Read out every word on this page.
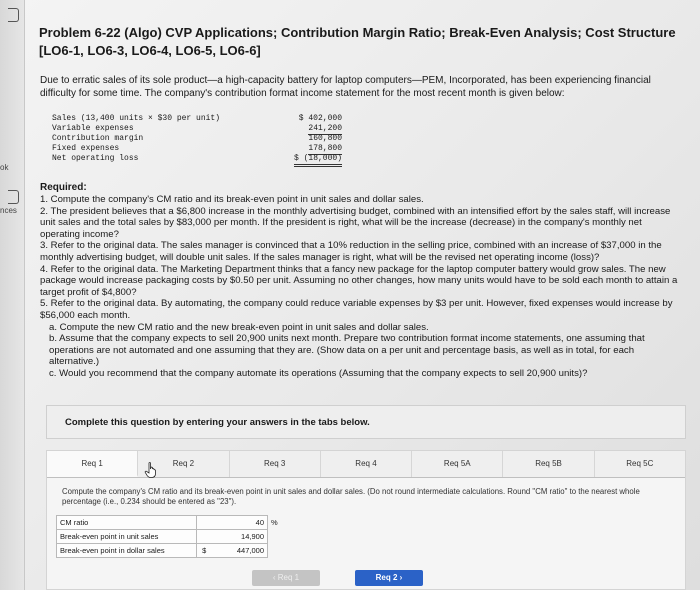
ok
nces
Problem 6-22 (Algo) CVP Applications; Contribution Margin Ratio; Break-Even Analysis; Cost Structure [LO6-1, LO6-3, LO6-4, LO6-5, LO6-6]
Due to erratic sales of its sole product—a high-capacity battery for laptop computers—PEM, Incorporated, has been experiencing financial difficulty for some time. The company's contribution format income statement for the most recent month is given below:
Sales (13,400 units × $30 per unit)	$ 402,000
Variable expenses	241,200
Contribution margin	160,800
Fixed expenses	178,800
Net operating loss	$ (18,000)
Required:

1. Compute the company's CM ratio and its break-even point in unit sales and dollar sales.

2. The president believes that a $6,800 increase in the monthly advertising budget, combined with an intensified effort by the sales staff, will increase unit sales and the total sales by $83,000 per month. If the president is right, what will be the increase (decrease) in the company's monthly net operating income?

3. Refer to the original data. The sales manager is convinced that a 10% reduction in the selling price, combined with an increase of $37,000 in the monthly advertising budget, will double unit sales. If the sales manager is right, what will be the revised net operating income (loss)?

4. Refer to the original data. The Marketing Department thinks that a fancy new package for the laptop computer battery would grow sales. The new package would increase packaging costs by $0.50 per unit. Assuming no other changes, how many units would have to be sold each month to attain a target profit of $4,800?

5. Refer to the original data. By automating, the company could reduce variable expenses by $3 per unit. However, fixed expenses would increase by $56,000 each month.

a. Compute the new CM ratio and the new break-even point in unit sales and dollar sales.

b. Assume that the company expects to sell 20,900 units next month. Prepare two contribution format income statements, one assuming that operations are not automated and one assuming that they are. (Show data on a per unit and percentage basis, as well as in total, for each alternative.)

c. Would you recommend that the company automate its operations (Assuming that the company expects to sell 20,900 units)?

Complete this question by entering your answers in the tabs below.
Req 1	Req 2	Req 3	Req 4	Req 5A	Req 5B	Req 5C
Compute the company's CM ratio and its break-even point in unit sales and dollar sales. (Do not round intermediate calculations. Round "CM ratio" to the nearest whole percentage (i.e., 0.234 should be entered as "23").
CM ratio		40	%
Break-even point in unit sales		14,900	
Break-even point in dollar sales	$	447,000	
‹ Req 1	Req 2 ›
